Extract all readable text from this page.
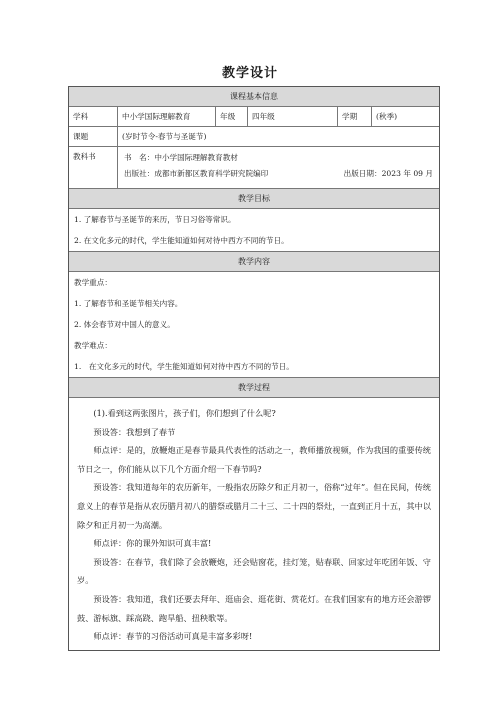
教学设计
课程基本信息
学科	中小学国际理解教育	年级	四年级	学期	(秋季)
课题	(岁时节令-春节与圣诞节)
教科书	书　名：中小学国际理解教育教材
出版社：成都市新都区教育科学研究院编印	出版日期：2023 年 09 月
教学目标
1. 了解春节与圣诞节的来历，节日习俗等常识。
2. 在文化多元的时代，学生能知道如何对待中西方不同的节日。
教学内容
教学重点：
1. 了解春节和圣诞节相关内容。
2. 体会春节对中国人的意义。
教学难点：
1.　在文化多元的时代，学生能知道如何对待中西方不同的节日。
教学过程

(1).看到这两张图片，孩子们，你们想到了什么呢?

预设答：我想到了春节

师点评：是的，放鞭炮正是春节最具代表性的活动之一，教师播放视频，作为我国的重要传统节日之一，你们能从以下几个方面介绍一下春节吗?

预设答：我知道每年的农历新年，一般指农历除夕和正月初一，俗称“过年”。但在民间，传统意义上的春节是指从农历腊月初八的腊祭或腊月二十三、二十四的祭灶，一直到正月十五，其中以除夕和正月初一为高潮。

师点评：你的课外知识可真丰富!

预设答：在春节，我们除了会放鞭炮，还会贴窗花，挂灯笼，贴春联、回家过年吃团年饭、守岁。

预设答：我知道，我们还要去拜年、逛庙会、逛花街、赏花灯。在我们国家有的地方还会游锣鼓、游标旗、踩高跷、跑旱船、扭秧歌等。

师点评：春节的习俗活动可真是丰富多彩呀!
